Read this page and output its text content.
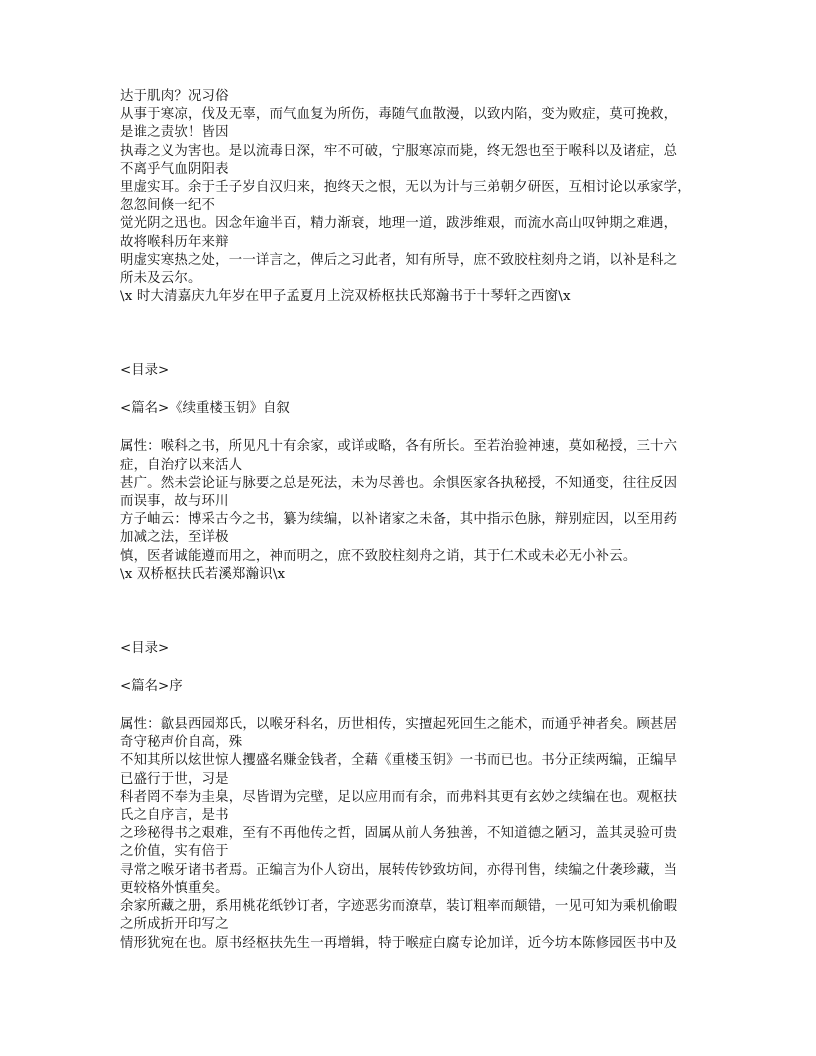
达于肌肉？况习俗
从事于寒凉，伐及无辜，而气血复为所伤，毒随气血散漫，以致内陷，变为败症，莫可挽救，
是谁之责欤！皆因
执毒之义为害也。是以流毒日深，牢不可破，宁服寒凉而毙，终无怨也至于喉科以及诸症，总
不离乎气血阴阳表
里虚实耳。余于壬子岁自汉归来，抱终天之恨，无以为计与三弟朝夕研医，互相讨论以承家学，
忽忽间倏一纪不
觉光阴之迅也。因念年逾半百，精力渐衰，地理一道，跋涉维艰，而流水高山叹钟期之难遇，
故将喉科历年来辩
明虚实寒热之处，一一详言之，俾后之习此者，知有所导，庶不致胶柱刻舟之诮，以补是科之
所未及云尔。
\x 时大清嘉庆九年岁在甲子孟夏月上浣双桥枢扶氏郑瀚书于十琴轩之西窗\x
<目录>
<篇名>《续重楼玉钥》自叙
属性：喉科之书，所见凡十有余家，或详或略，各有所长。至若治验神速，莫如秘授，三十六
症，自治疗以来活人
甚广。然未尝论证与脉要之总是死法，未为尽善也。余惧医家各执秘授，不知通变，往往反因
而误事，故与环川
方子岫云：博采古今之书，纂为续编，以补诸家之未备，其中指示色脉，辩别症因，以至用药
加减之法，至详极
慎，医者诚能遵而用之，神而明之，庶不致胶柱刻舟之诮，其于仁术或未必无小补云。
\x 双桥枢扶氏若溪郑瀚识\x
<目录>
<篇名>序
属性：歙县西园郑氏，以喉牙科名，历世相传，实擅起死回生之能术，而通乎神者矣。顾甚居
奇守秘声价自高，殊
不知其所以炫世惊人攫盛名赚金钱者，全藉《重楼玉钥》一书而已也。书分正续两编，正编早
已盛行于世，习是
科者罔不奉为圭臬，尽皆谓为完壁，足以应用而有余，而弗料其更有玄妙之续编在也。观枢扶
氏之自序言，是书
之珍秘得书之艰难，至有不再他传之哲，固属从前人务独善，不知道德之陋习，盖其灵验可贵
之价值，实有倍于
寻常之喉牙诸书者焉。正编言为仆人窃出，展转传钞致坊间，亦得刊售，续编之什袭珍藏，当
更较格外慎重矣。
余家所藏之册，系用桃花纸钞订者，字迹恶劣而潦草，装订粗率而颠错，一见可知为乘机偷暇
之所成折开印写之
情形犹宛在也。原书经枢扶先生一再增辑，特于喉症白腐专论加详，近今坊本陈修园医书中及
